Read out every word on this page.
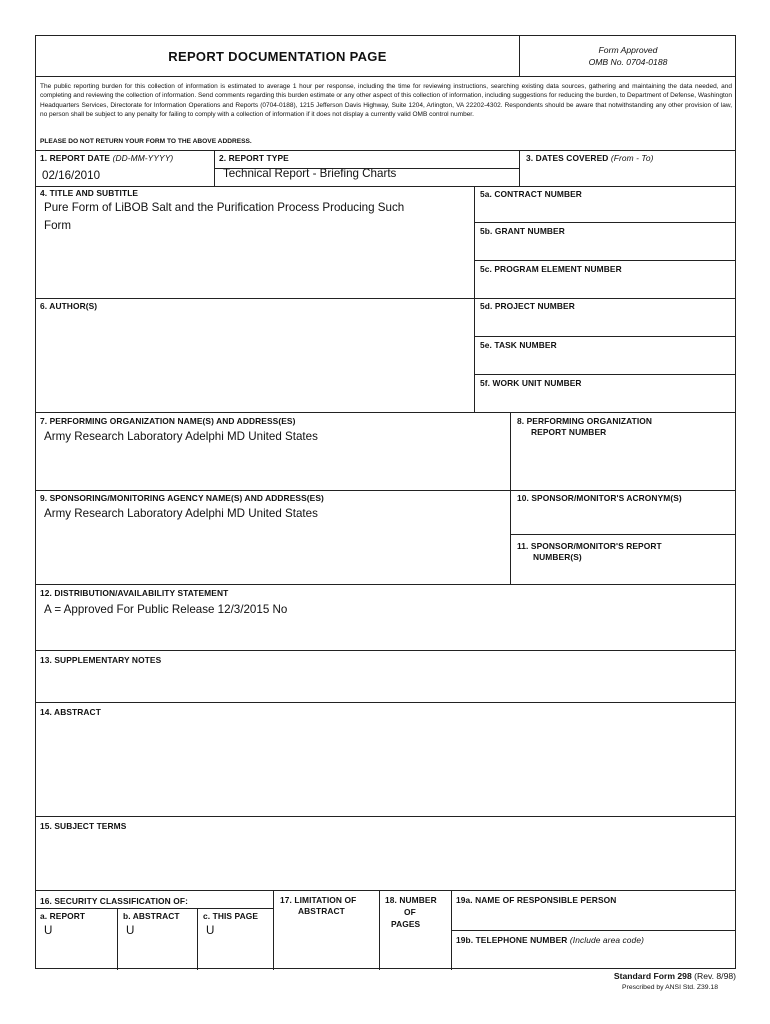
REPORT DOCUMENTATION PAGE	Form Approved
OMB No. 0704-0188
The public reporting burden for this collection of information is estimated to average 1 hour per response, including the time for reviewing instructions, searching existing data sources, gathering and maintaining the data needed, and completing and reviewing the collection of information. Send comments regarding this burden estimate or any other aspect of this collection of information, including suggestions for reducing the burden, to Department of Defense, Washington Headquarters Services, Directorate for Information Operations and Reports (0704-0188), 1215 Jefferson Davis Highway, Suite 1204, Arlington, VA 22202-4302. Respondents should be aware that notwithstanding any other provision of law, no person shall be subject to any penalty for failing to comply with a collection of information if it does not display a currently valid OMB control number.
PLEASE DO NOT RETURN YOUR FORM TO THE ABOVE ADDRESS.
1. REPORT DATE (DD-MM-YYYY)
02/16/2010
2. REPORT TYPE
Technical Report - Briefing Charts
3. DATES COVERED (From - To)
4. TITLE AND SUBTITLE
Pure Form of LiBOB Salt and the Purification Process Producing Such
Form
5a. CONTRACT NUMBER
5b. GRANT NUMBER
5c. PROGRAM ELEMENT NUMBER
6. AUTHOR(S)	5d. PROJECT NUMBER
5e. TASK NUMBER
5f. WORK UNIT NUMBER
7. PERFORMING ORGANIZATION NAME(S) AND ADDRESS(ES)
Army Research Laboratory Adelphi MD United States
8. PERFORMING ORGANIZATION
REPORT NUMBER
9. SPONSORING/MONITORING AGENCY NAME(S) AND ADDRESS(ES)
Army Research Laboratory Adelphi MD United States
10. SPONSOR/MONITOR'S ACRONYM(S)
11. SPONSOR/MONITOR'S REPORT
NUMBER(S)
12. DISTRIBUTION/AVAILABILITY STATEMENT
A = Approved For Public Release 12/3/2015 No
13. SUPPLEMENTARY NOTES
14. ABSTRACT
15. SUBJECT TERMS
16. SECURITY CLASSIFICATION OF:
a. REPORT
U
b. ABSTRACT
U
c. THIS PAGE
U
17. LIMITATION OF
ABSTRACT
18. NUMBER
OF
PAGES
19a. NAME OF RESPONSIBLE PERSON
19b. TELEPHONE NUMBER (Include area code)
Standard Form 298 (Rev. 8/98)
Prescribed by ANSI Std. Z39.18
